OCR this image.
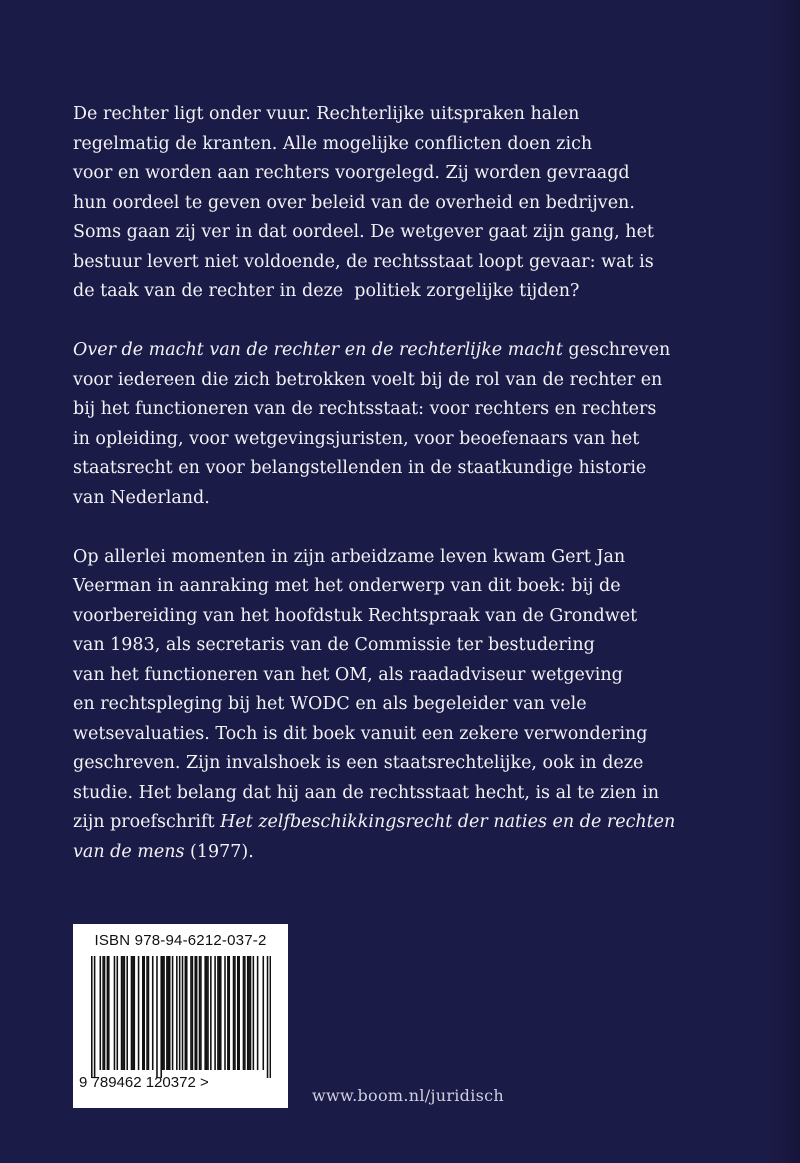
De rechter ligt onder vuur. Rechterlijke uitspraken halen
regelmatig de kranten. Alle mogelijke conflicten doen zich
voor en worden aan rechters voorgelegd. Zij worden gevraagd
hun oordeel te geven over beleid van de overheid en bedrijven.
Soms gaan zij ver in dat oordeel. De wetgever gaat zijn gang, het
bestuur levert niet voldoende, de rechtsstaat loopt gevaar: wat is
de taak van de rechter in deze  politiek zorgelijke tijden?
Over de macht van de rechter en de rechterlijke macht geschreven
voor iedereen die zich betrokken voelt bij de rol van de rechter en
bij het functioneren van de rechtsstaat: voor rechters en rechters
in opleiding, voor wetgevingsjuristen, voor beoefenaars van het
staatsrecht en voor belangstellenden in de staatkundige historie
van Nederland.
Op allerlei momenten in zijn arbeidzame leven kwam Gert Jan
Veerman in aanraking met het onderwerp van dit boek: bij de
voorbereiding van het hoofdstuk Rechtspraak van de Grondwet
van 1983, als secretaris van de Commissie ter bestudering
van het functioneren van het OM, als raadadviseur wetgeving
en rechtspleging bij het WODC en als begeleider van vele
wetsevaluaties. Toch is dit boek vanuit een zekere verwondering
geschreven. Zijn invalshoek is een staatsrechtelijke, ook in deze
studie. Het belang dat hij aan de rechtsstaat hecht, is al te zien in
zijn proefschrift Het zelfbeschikkingsrecht der naties en de rechten
van de mens (1977).
ISBN 978-94-6212-037-2
9 789462 120372 >
www.boom.nl/juridisch
